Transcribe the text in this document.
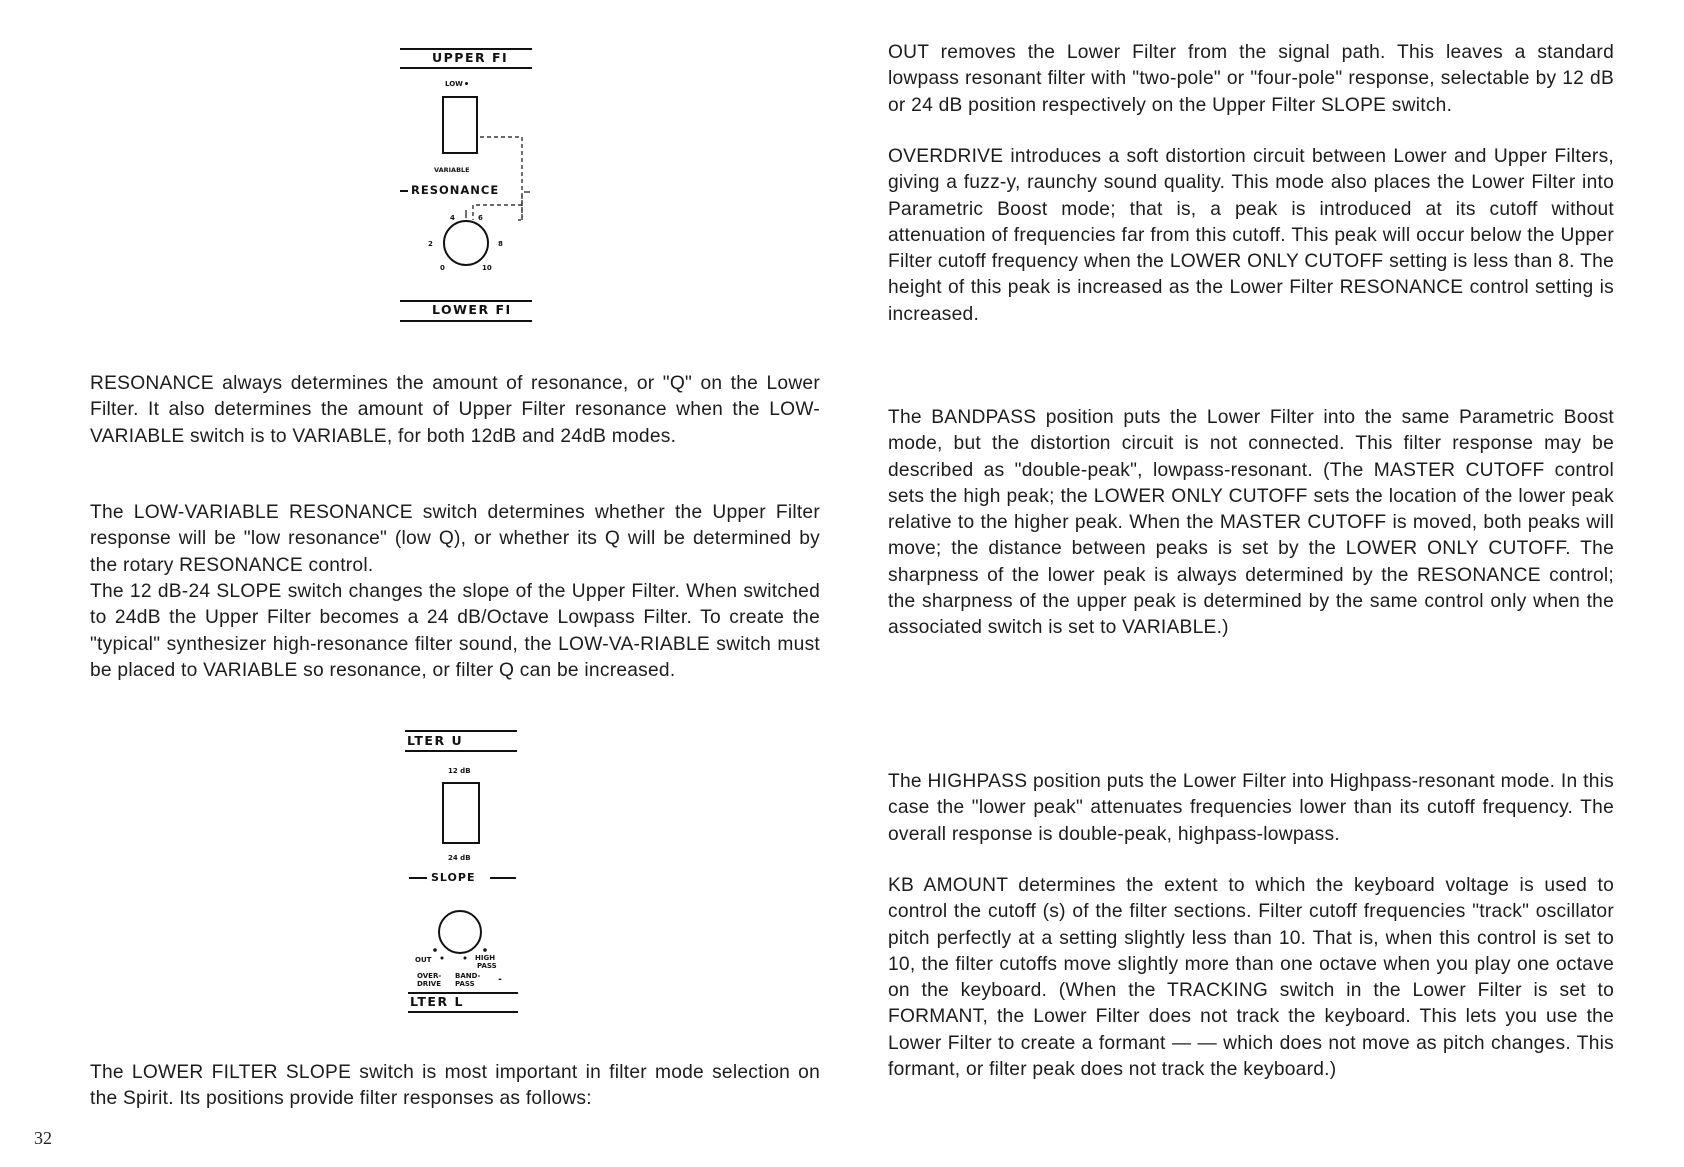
UPPER FI
LOW
VARIABLE
RESONANCE
4	6
2	8
0	10
LOWER FI

RESONANCE always determines the amount of resonance, or "Q" on the Lower Filter. It also determines the amount of Upper Filter resonance when the LOW-VARIABLE switch is to VARIABLE, for both 12dB and 24dB modes.

The LOW-VARIABLE RESONANCE switch determines whether the Upper Filter response will be "low resonance" (low Q), or whether its Q will be determined by the rotary RESONANCE control.

The 12 dB-24 SLOPE switch changes the slope of the Upper Filter. When switched to 24dB the Upper Filter becomes a 24 dB/Octave Lowpass Filter. To create the "typical" synthesizer high-resonance filter sound, the LOW-VA-RIABLE switch must be placed to VARIABLE so resonance, or filter Q can be increased.

LTER U
12 dB
24 dB
SLOPE
OUT	HIGH
PASS
OVER-
DRIVE
BAND-
PASS
LTER L

The LOWER FILTER SLOPE switch is most important in filter mode selection on the Spirit. Its positions provide filter responses as follows:

OUT removes the Lower Filter from the signal path. This leaves a standard lowpass resonant filter with "two-pole" or "four-pole" response, selectable by 12 dB or 24 dB position respectively on the Upper Filter SLOPE switch.

OVERDRIVE introduces a soft distortion circuit between Lower and Upper Filters, giving a fuzz-y, raunchy sound quality. This mode also places the Lower Filter into Parametric Boost mode; that is, a peak is introduced at its cutoff without attenuation of frequencies far from this cutoff. This peak will occur below the Upper Filter cutoff frequency when the LOWER ONLY CUTOFF setting is less than 8. The height of this peak is increased as the Lower Filter RESONANCE control setting is increased.

The BANDPASS position puts the Lower Filter into the same Parametric Boost mode, but the distortion circuit is not connected. This filter response may be described as "double-peak", lowpass-resonant. (The MASTER CUTOFF control sets the high peak; the LOWER ONLY CUTOFF sets the location of the lower peak relative to the higher peak. When the MASTER CUTOFF is moved, both peaks will move; the distance between peaks is set by the LOWER ONLY CUTOFF. The sharpness of the lower peak is always determined by the RESONANCE control; the sharpness of the upper peak is determined by the same control only when the associated switch is set to VARIABLE.)

The HIGHPASS position puts the Lower Filter into Highpass-resonant mode. In this case the "lower peak" attenuates frequencies lower than its cutoff frequency. The overall response is double-peak, highpass-lowpass.

KB AMOUNT determines the extent to which the keyboard voltage is used to control the cutoff (s) of the filter sections. Filter cutoff frequencies "track" oscillator pitch perfectly at a setting slightly less than 10. That is, when this control is set to 10, the filter cutoffs move slightly more than one octave when you play one octave on the keyboard. (When the TRACKING switch in the Lower Filter is set to FORMANT, the Lower Filter does not track the keyboard. This lets you use the Lower Filter to create a formant — — which does not move as pitch changes. This formant, or filter peak does not track the keyboard.)

32
